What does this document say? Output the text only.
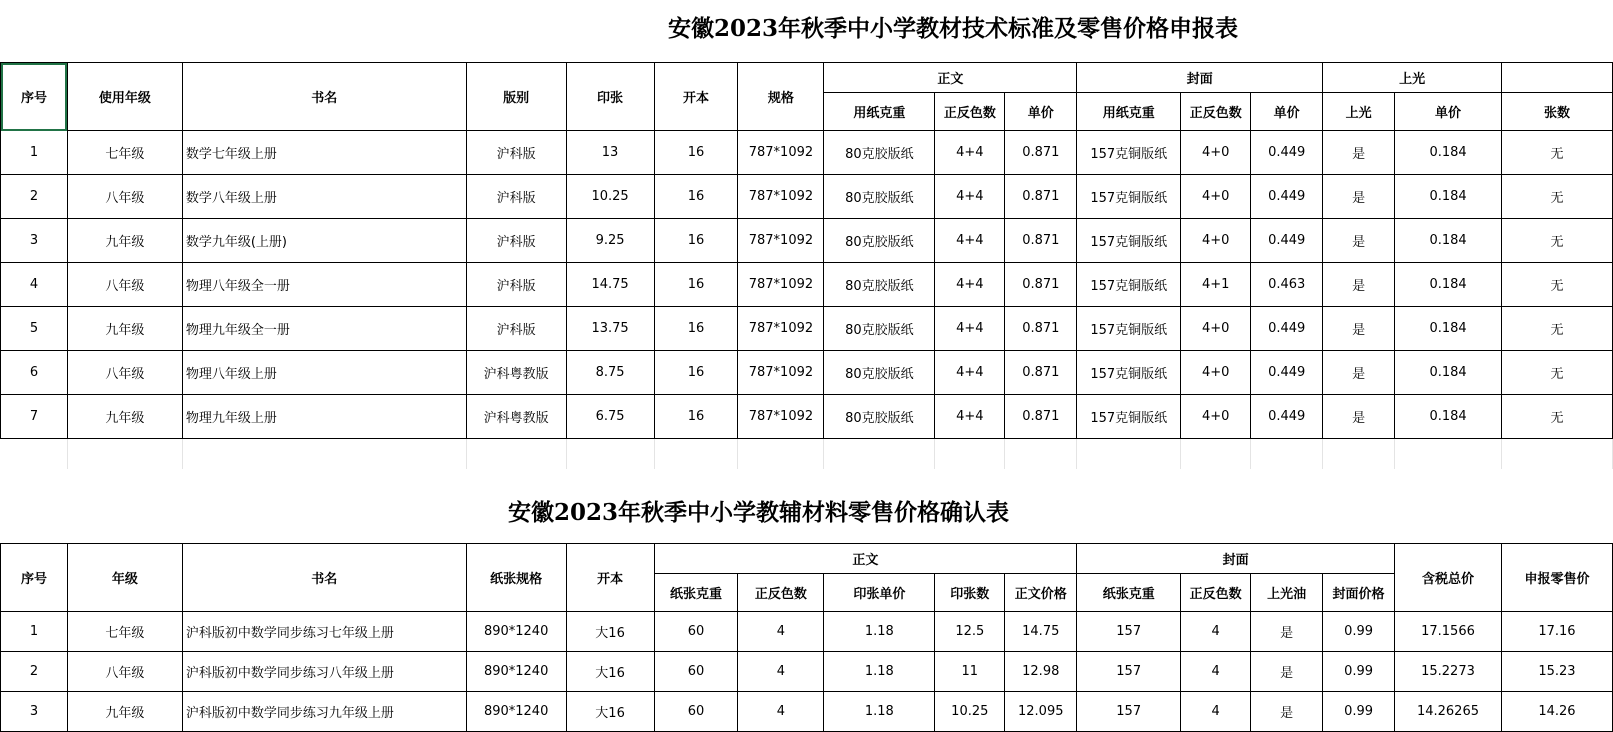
安徽2023年秋季中小学教材技术标准及零售价格申报表
序号	使用年级	书名	版别	印张	开本	规格	正文			封面			上光		
							用纸克重	正反色数	单价	用纸克重	正反色数	单价	上光	单价	张数
1	七年级	数学七年级上册	沪科版	13	16	787*1092	80克胶版纸	4+4	0.871	157克铜版纸	4+0	0.449	是	0.184	无
2	八年级	数学八年级上册	沪科版	10.25	16	787*1092	80克胶版纸	4+4	0.871	157克铜版纸	4+0	0.449	是	0.184	无
3	九年级	数学九年级(上册)	沪科版	9.25	16	787*1092	80克胶版纸	4+4	0.871	157克铜版纸	4+0	0.449	是	0.184	无
4	八年级	物理八年级全一册	沪科版	14.75	16	787*1092	80克胶版纸	4+4	0.871	157克铜版纸	4+1	0.463	是	0.184	无
5	九年级	物理九年级全一册	沪科版	13.75	16	787*1092	80克胶版纸	4+4	0.871	157克铜版纸	4+0	0.449	是	0.184	无
6	八年级	物理八年级上册	沪科粤教版	8.75	16	787*1092	80克胶版纸	4+4	0.871	157克铜版纸	4+0	0.449	是	0.184	无
7	九年级	物理九年级上册	沪科粤教版	6.75	16	787*1092	80克胶版纸	4+4	0.871	157克铜版纸	4+0	0.449	是	0.184	无

安徽2023年秋季中小学教辅材料零售价格确认表
序号	年级	书名	纸张规格	开本	正文					封面				含税总价	申报零售价
					纸张克重	正反色数	印张单价	印张数	正文价格	纸张克重	正反色数	上光油	封面价格		
1	七年级	沪科版初中数学同步练习七年级上册	890*1240	大16	60	4	1.18	12.5	14.75	157	4	是	0.99	17.1566	17.16
2	八年级	沪科版初中数学同步练习八年级上册	890*1240	大16	60	4	1.18	11	12.98	157	4	是	0.99	15.2273	15.23
3	九年级	沪科版初中数学同步练习九年级上册	890*1240	大16	60	4	1.18	10.25	12.095	157	4	是	0.99	14.26265	14.26
